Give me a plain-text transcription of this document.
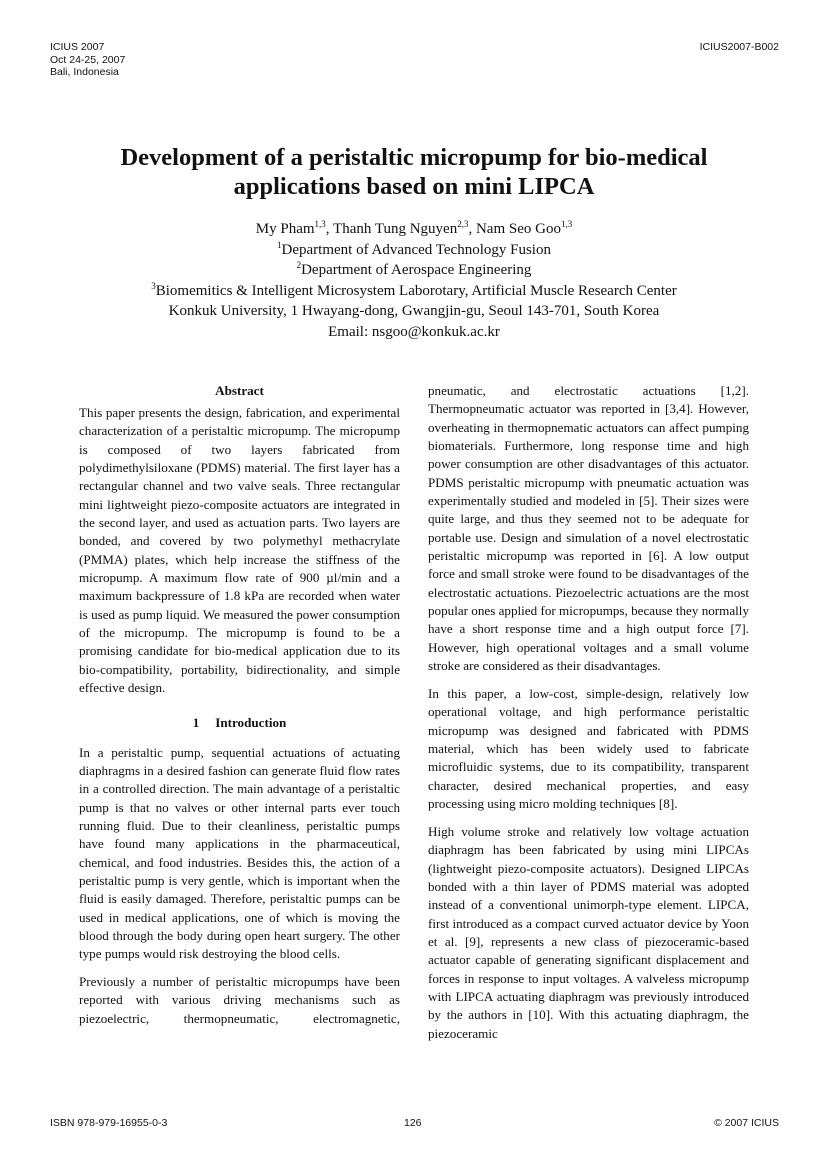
ICIUS 2007
Oct 24-25, 2007
Bali, Indonesia
ICIUS2007-B002
Development of a peristaltic micropump for bio-medical
applications based on mini LIPCA
My Pham$^{1,3}$, Thanh Tung Nguyen$^{2,3}$, Nam Seo Goo$^{1,3}$
$^1$Department of Advanced Technology Fusion
$^2$Department of Aerospace Engineering
$^3$Biomemitics & Intelligent Microsystem Laborotary, Artificial Muscle Research Center
Konkuk University, 1 Hwayang-dong, Gwangjin-gu, Seoul 143-701, South Korea
Email: nsgoo@konkuk.ac.kr
Abstract

This paper presents the design, fabrication, and experimental characterization of a peristaltic micropump. The micropump is composed of two layers fabricated from polydimethylsiloxane (PDMS) material. The first layer has a rectangular channel and two valve seals. Three rectangular mini lightweight piezo-composite actuators are integrated in the second layer, and used as actuation parts. Two layers are bonded, and covered by two polymethyl methacrylate (PMMA) plates, which help increase the stiffness of the micropump. A maximum flow rate of 900 µl/min and a maximum backpressure of 1.8 kPa are recorded when water is used as pump liquid. We measured the power consumption of the micropump. The micropump is found to be a promising candidate for bio-medical application due to its bio-compatibility, portability, bidirectionality, and simple effective design.

1 Introduction

In a peristaltic pump, sequential actuations of actuating diaphragms in a desired fashion can generate fluid flow rates in a controlled direction. The main advantage of a peristaltic pump is that no valves or other internal parts ever touch running fluid. Due to their cleanliness, peristaltic pumps have found many applications in the pharmaceutical, chemical, and food industries. Besides this, the action of a peristaltic pump is very gentle, which is important when the fluid is easily damaged. Therefore, peristaltic pumps can be used in medical applications, one of which is moving the blood through the body during open heart surgery. The other type pumps would risk destroying the blood cells.

Previously a number of peristaltic micropumps have been reported with various driving mechanisms such as piezoelectric, thermopneumatic, electromagnetic,

pneumatic, and electrostatic actuations [1,2]. Thermopneumatic actuator was reported in [3,4]. However, overheating in thermopnematic actuators can affect pumping biomaterials. Furthermore, long response time and high power consumption are other disadvantages of this actuator. PDMS peristaltic micropump with pneumatic actuation was experimentally studied and modeled in [5]. Their sizes were quite large, and thus they seemed not to be adequate for portable use. Design and simulation of a novel electrostatic peristaltic micropump was reported in [6]. A low output force and small stroke were found to be disadvantages of the electrostatic actuations. Piezoelectric actuations are the most popular ones applied for micropumps, because they normally have a short response time and a high output force [7]. However, high operational voltages and a small volume stroke are considered as their disadvantages.

In this paper, a low-cost, simple-design, relatively low operational voltage, and high performance peristaltic micropump was designed and fabricated with PDMS material, which has been widely used to fabricate microfluidic systems, due to its compatibility, transparent character, desired mechanical properties, and easy processing using micro molding techniques [8].

High volume stroke and relatively low voltage actuation diaphragm has been fabricated by using mini LIPCAs (lightweight piezo-composite actuators). Designed LIPCAs bonded with a thin layer of PDMS material was adopted instead of a conventional unimorph-type element. LIPCA, first introduced as a compact curved actuator device by Yoon et al. [9], represents a new class of piezoceramic-based actuator capable of generating significant displacement and forces in response to input voltages. A valveless micropump with LIPCA actuating diaphragm was previously introduced by the authors in [10]. With this actuating diaphragm, the piezoceramic

ISBN 978-979-16955-0-3	126	© 2007 ICIUS
